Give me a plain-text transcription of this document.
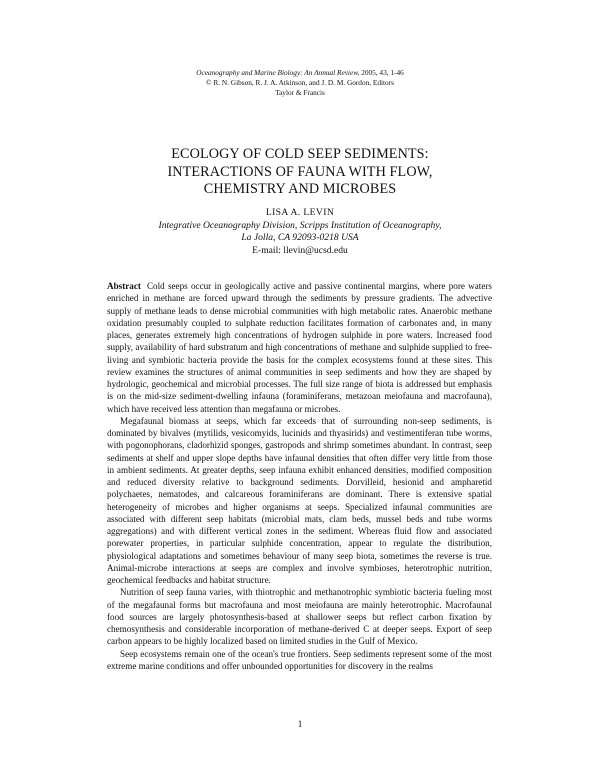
Oceanography and Marine Biology: An Annual Review, 2005, 43, 1-46
© R. N. Gibson, R. J. A. Atkinson, and J. D. M. Gordon, Editors
Taylor & Francis
ECOLOGY OF COLD SEEP SEDIMENTS:
INTERACTIONS OF FAUNA WITH FLOW,
CHEMISTRY AND MICROBES
LISA A. LEVIN
Integrative Oceanography Division, Scripps Institution of Oceanography,
La Jolla, CA 92093-0218 USA
E-mail: llevin@ucsd.edu

Abstract Cold seeps occur in geologically active and passive continental margins, where pore waters enriched in methane are forced upward through the sediments by pressure gradients. The advective supply of methane leads to dense microbial communities with high metabolic rates. Anaerobic methane oxidation presumably coupled to sulphate reduction facilitates formation of carbonates and, in many places, generates extremely high concentrations of hydrogen sulphide in pore waters. Increased food supply, availability of hard substratum and high concentrations of methane and sulphide supplied to free-living and symbiotic bacteria provide the basis for the complex ecosystems found at these sites. This review examines the structures of animal communities in seep sediments and how they are shaped by hydrologic, geochemical and microbial processes. The full size range of biota is addressed but emphasis is on the mid-size sediment-dwelling infauna (foraminiferans, metazoan meiofauna and macrofauna), which have received less attention than megafauna or microbes.

Megafaunal biomass at seeps, which far exceeds that of surrounding non-seep sediments, is dominated by bivalves (mytilids, vesicomyids, lucinids and thyasirids) and vestimentiferan tube worms, with pogonophorans, cladorhizid sponges, gastropods and shrimp sometimes abundant. In contrast, seep sediments at shelf and upper slope depths have infaunal densities that often differ very little from those in ambient sediments. At greater depths, seep infauna exhibit enhanced densities, modified composition and reduced diversity relative to background sediments. Dorvilleid, hesionid and ampharetid polychaetes, nematodes, and calcareous foraminiferans are dominant. There is extensive spatial heterogeneity of microbes and higher organisms at seeps. Specialized infaunal communities are associated with different seep habitats (microbial mats, clam beds, mussel beds and tube worms aggregations) and with different vertical zones in the sediment. Whereas fluid flow and associated porewater properties, in particular sulphide concentration, appear to regulate the distribution, physiological adaptations and sometimes behaviour of many seep biota, sometimes the reverse is true. Animal-microbe interactions at seeps are complex and involve symbioses, heterotrophic nutrition, geochemical feedbacks and habitat structure.

Nutrition of seep fauna varies, with thiotrophic and methanotrophic symbiotic bacteria fueling most of the megafaunal forms but macrofauna and most meiofauna are mainly heterotrophic. Macrofaunal food sources are largely photosynthesis-based at shallower seeps but reflect carbon fixation by chemosynthesis and considerable incorporation of methane-derived C at deeper seeps. Export of seep carbon appears to be highly localized based on limited studies in the Gulf of Mexico.

Seep ecosystems remain one of the ocean's true frontiers. Seep sediments represent some of the most extreme marine conditions and offer unbounded opportunities for discovery in the realms

1
